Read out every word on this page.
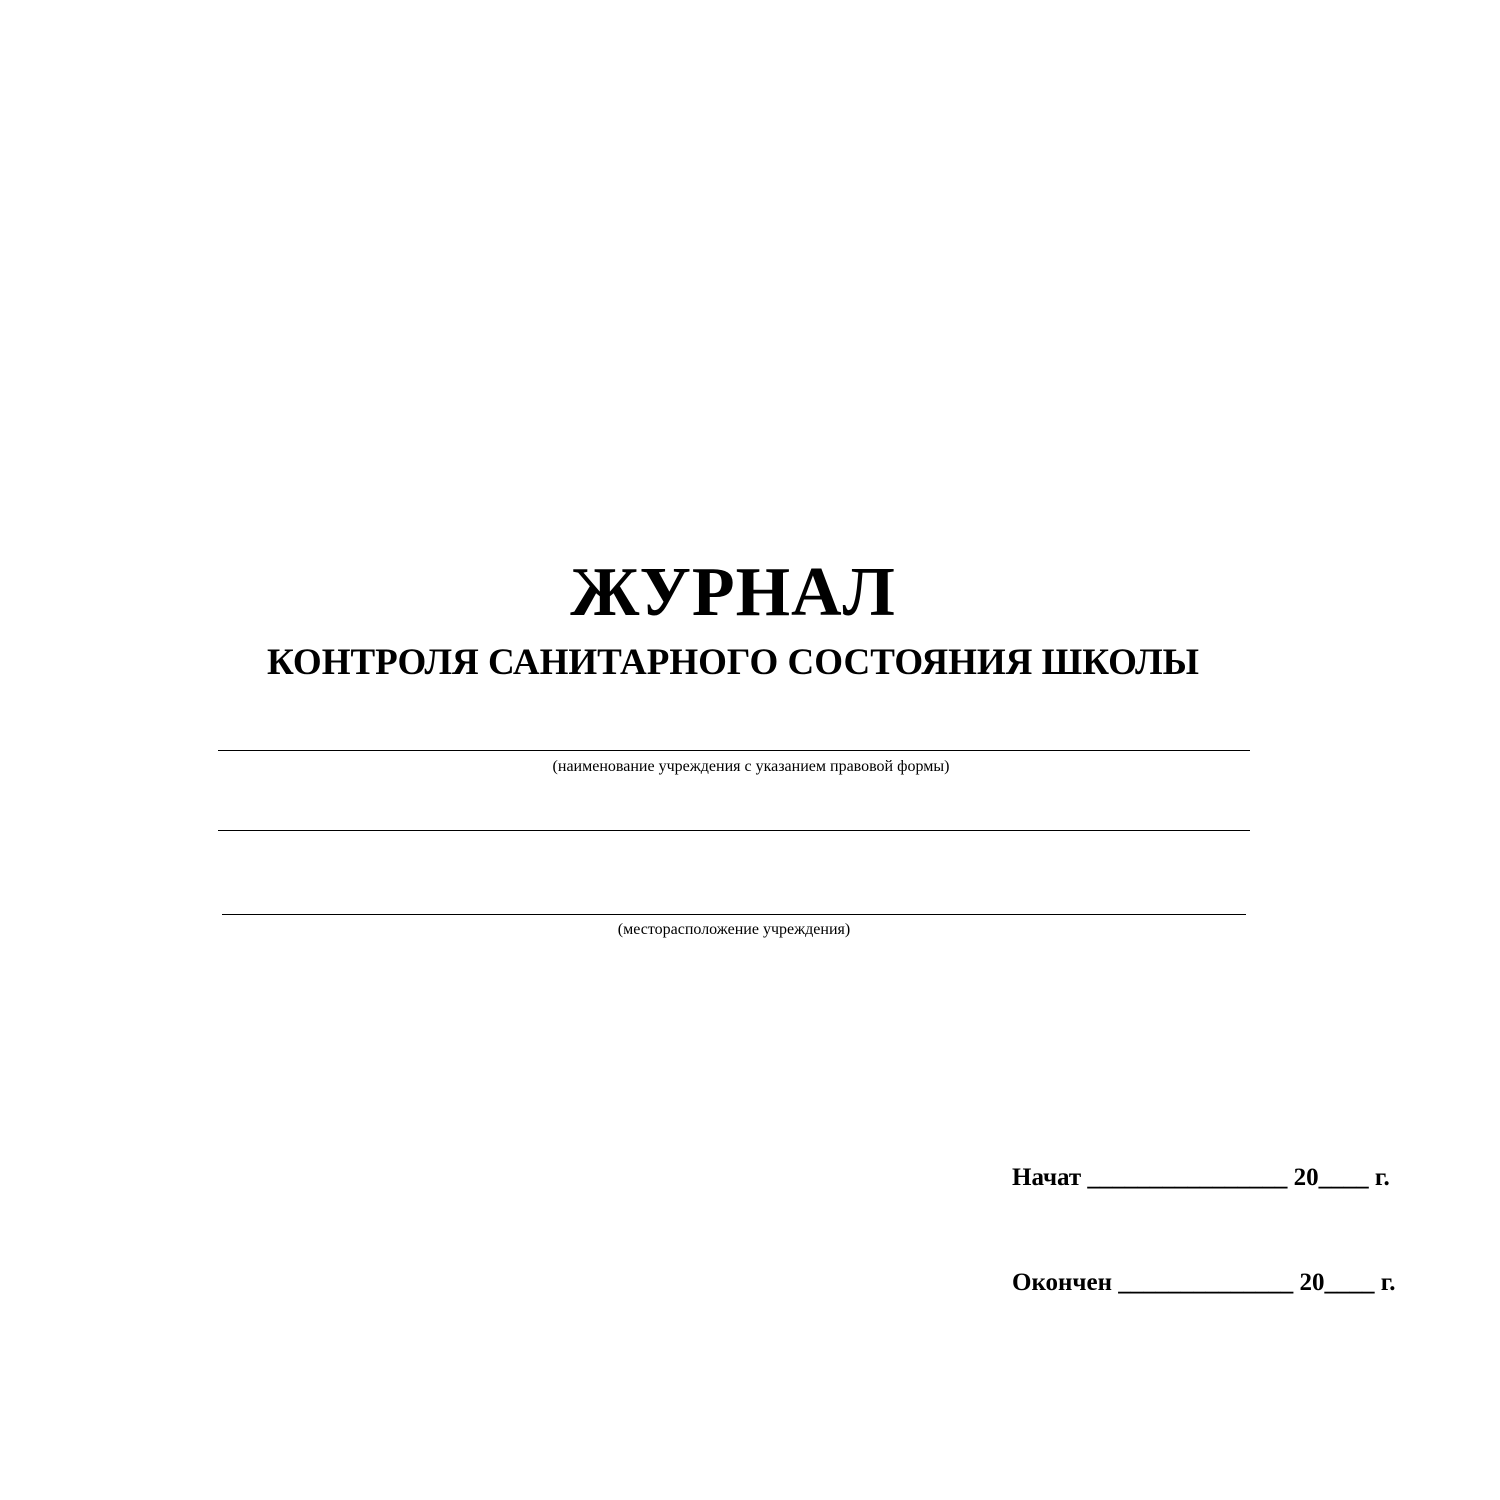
ЖУРНАЛ
КОНТРОЛЯ САНИТАРНОГО СОСТОЯНИЯ ШКОЛЫ
(наименование учреждения с указанием правовой формы)
(месторасположение учреждения)

Начат ________________ 20____ г.

Окончен ______________ 20____ г.
